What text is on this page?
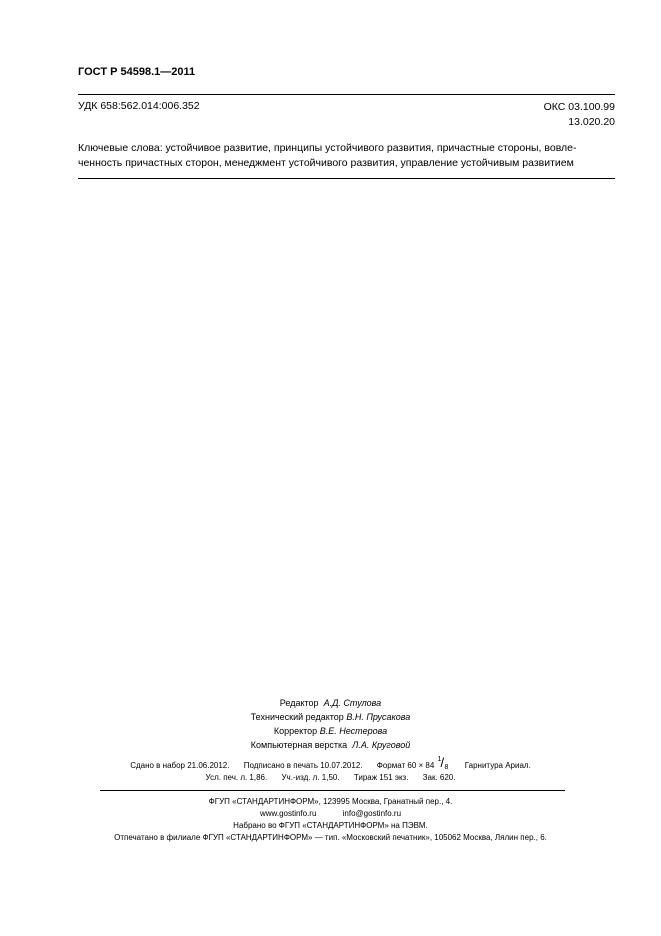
ГОСТ Р 54598.1—2011
УДК 658:562.014:006.352	ОКС 03.100.99
13.020.20
Ключевые слова: устойчивое развитие, принципы устойчивого развития, причастные стороны, вовле-ченность причастных сторон, менеджмент устойчивого развития, управление устойчивым развитием
Редактор А.Д. Стулова
Технический редактор В.Н. Прусакова
Корректор В.Е. Нестерова
Компьютерная верстка Л.А. Круговой
Сдано в набор 21.06.2012. Подписано в печать 10.07.2012. Формат 60 × 84
1 / 8 Гарнитура Ариал.
Усл. печ. л. 1,86. Уч.-изд. л. 1,50. Тираж 151 экз. Зак. 620.
ФГУП «СТАНДАРТИНФОРМ», 123995 Москва, Гранатный пер., 4.
www.gostinfo.ru	info@gostinfo.ru
Набрано во ФГУП «СТАНДАРТИНФОРМ» на ПЭВМ.
Отпечатано в филиале ФГУП «СТАНДАРТИНФОРМ» — тип. «Московский печатник», 105062 Москва, Лялин пер., 6.
